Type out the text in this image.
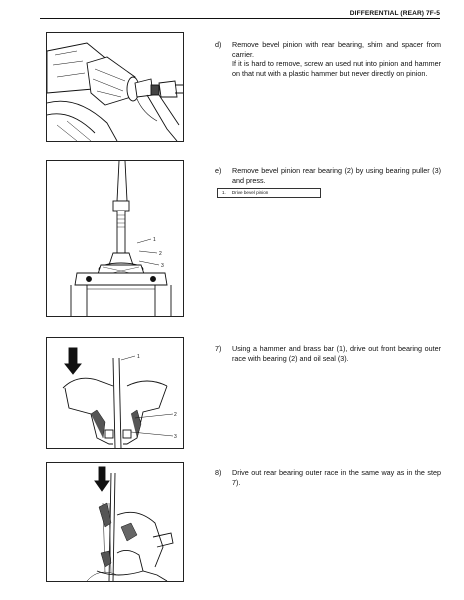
DIFFERENTIAL (REAR) 7F-5
d)	Remove bevel pinion with rear bearing, shim and spacer from carrier.
If it is hard to remove, screw an used nut into pinion and hammer on that nut with a plastic hammer but never directly on pinion.
1
2
3
e)	Remove bevel pinion rear bearing (2) by using bearing puller (3) and press.
1. Drive bevel pinion
1
2
3
7)	Using a hammer and brass bar (1), drive out front bearing outer race with bearing (2) and oil seal (3).
8)	Drive out rear bearing outer race in the same way as in the step 7).
